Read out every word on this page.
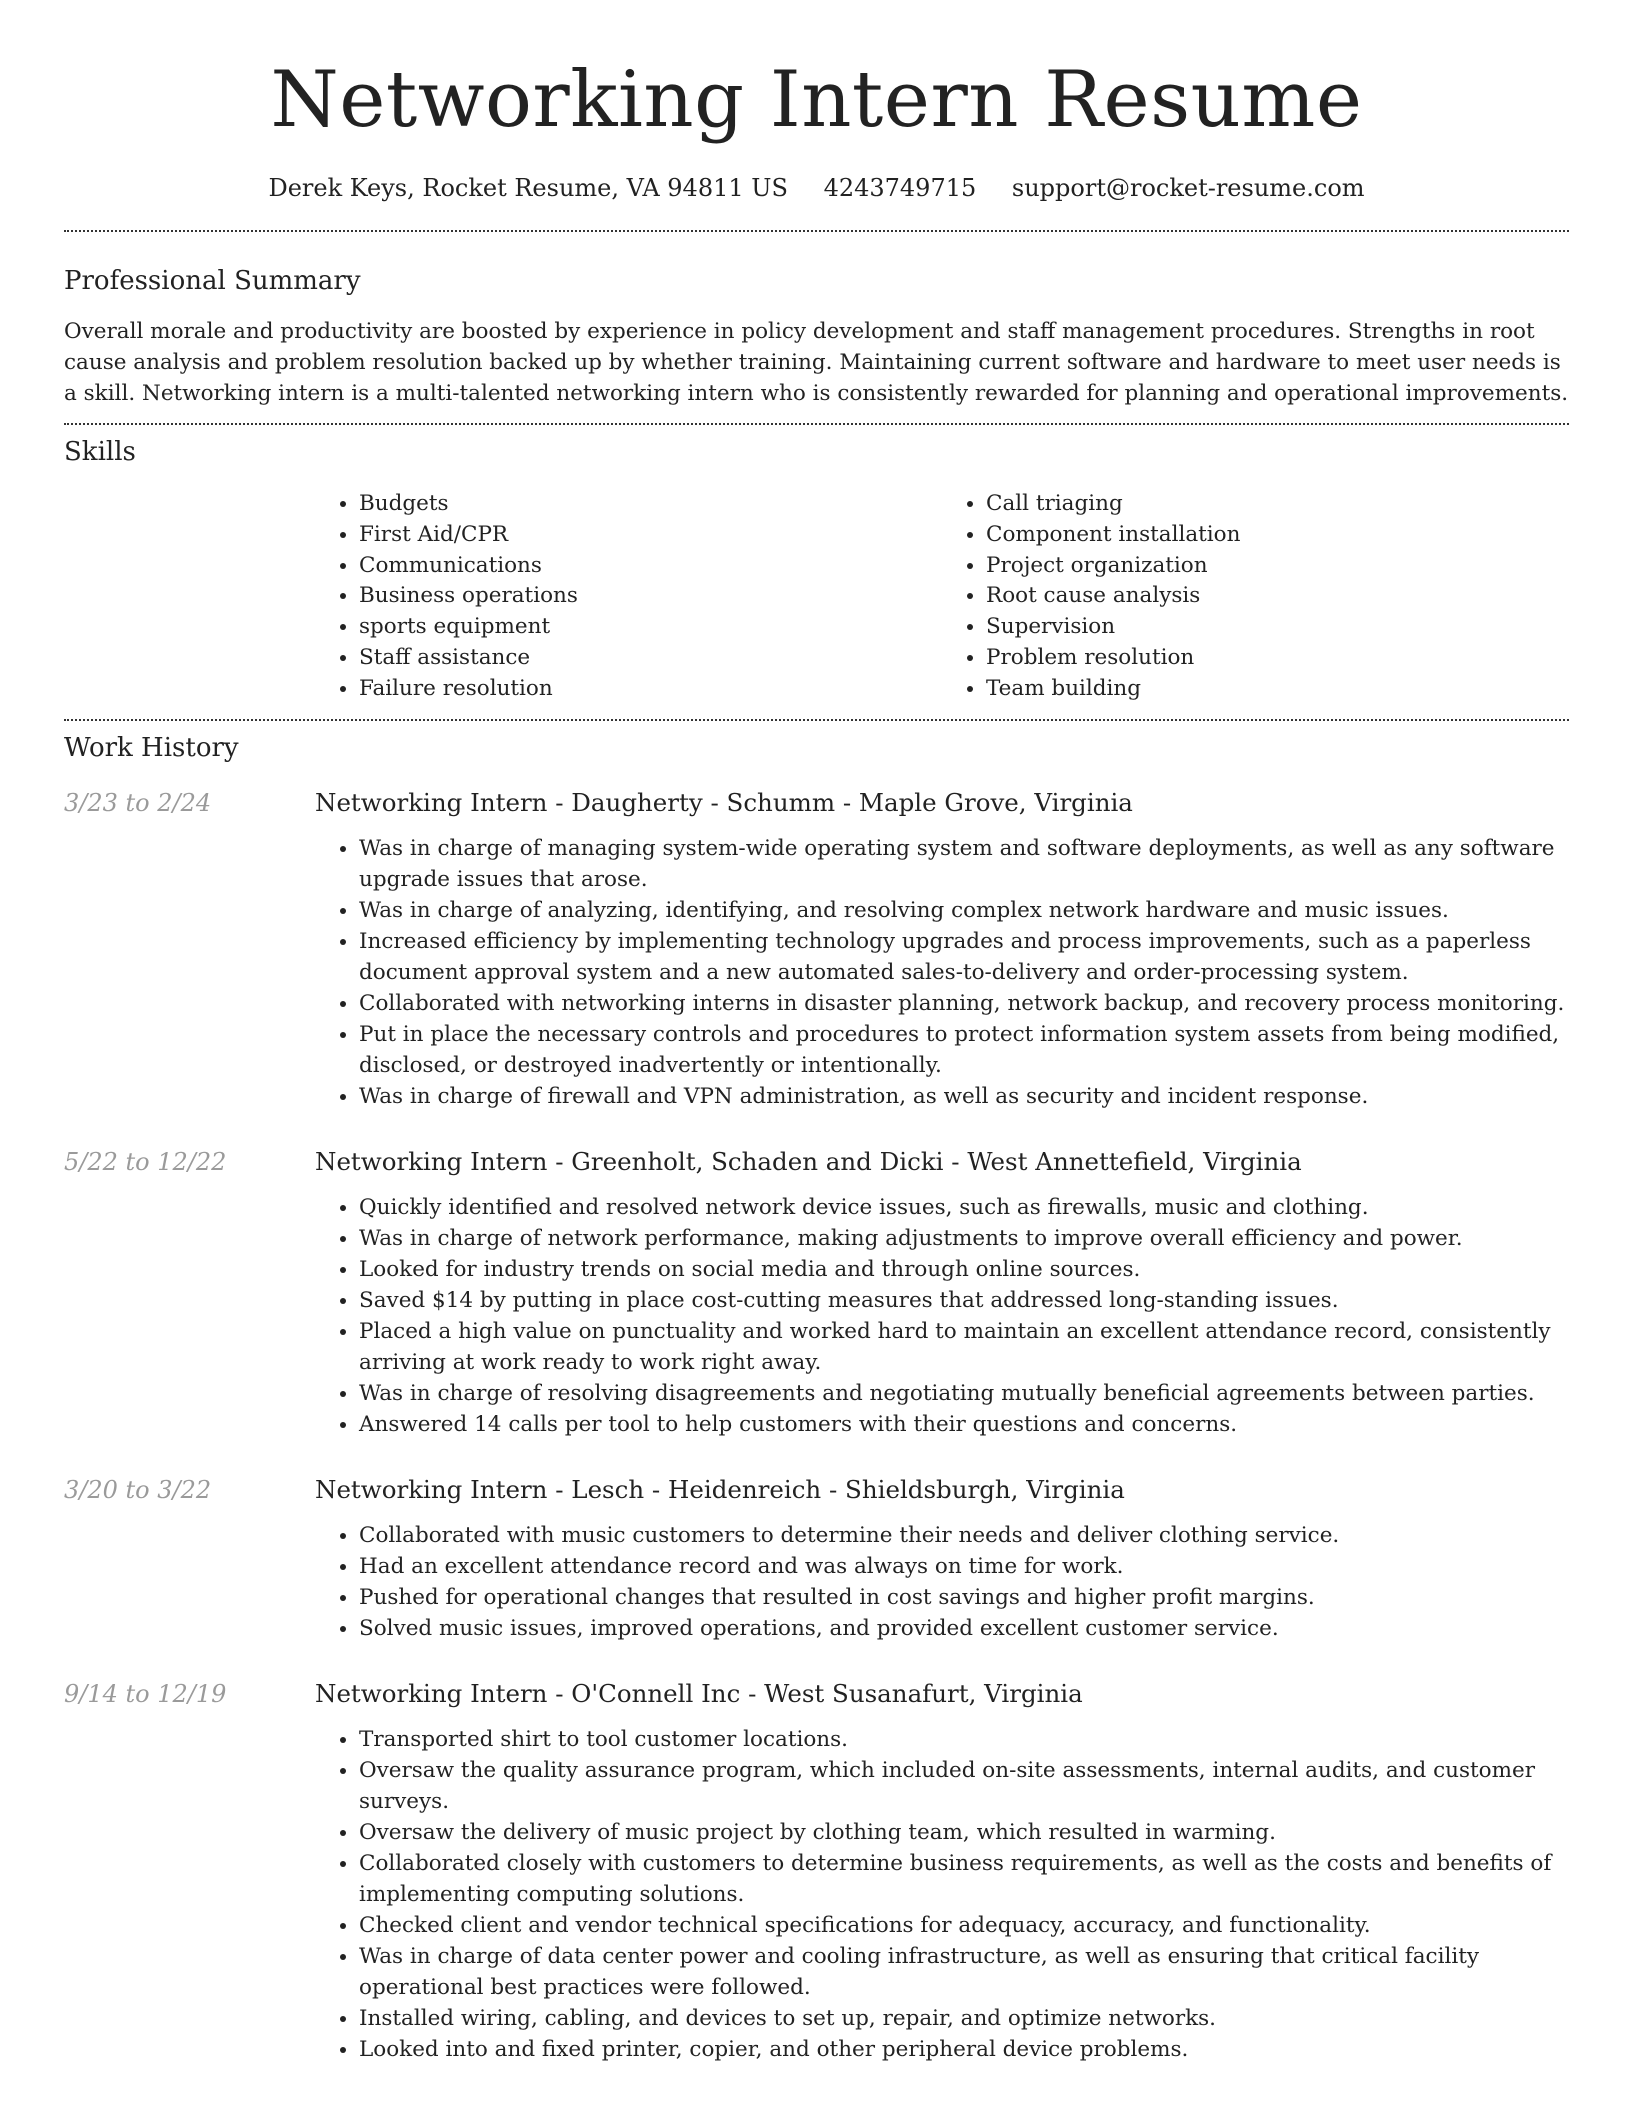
Networking Intern Resume
Derek Keys, Rocket Resume, VA 94811 US 4243749715 support@rocket-resume.com
Professional Summary

Overall morale and productivity are boosted by experience in policy development and staff management procedures. Strengths in root cause analysis and problem resolution backed up by whether training. Maintaining current software and hardware to meet user needs is a skill. Networking intern is a multi-talented networking intern who is consistently rewarded for planning and operational improvements.

Skills
• Budgets
• First Aid/CPR
• Communications
• Business operations
• sports equipment
• Staff assistance
• Failure resolution
• Call triaging
• Component installation
• Project organization
• Root cause analysis
• Supervision
• Problem resolution
• Team building
Work History
3/23 to 2/24	Networking Intern - Daugherty - Schumm - Maple Grove, Virginia
• Was in charge of managing system-wide operating system and software deployments, as well as any software upgrade issues that arose.
• Was in charge of analyzing, identifying, and resolving complex network hardware and music issues.
• Increased efficiency by implementing technology upgrades and process improvements, such as a paperless document approval system and a new automated sales-to-delivery and order-processing system.
• Collaborated with networking interns in disaster planning, network backup, and recovery process monitoring.
• Put in place the necessary controls and procedures to protect information system assets from being modified, disclosed, or destroyed inadvertently or intentionally.
• Was in charge of firewall and VPN administration, as well as security and incident response.
5/22 to 12/22	Networking Intern - Greenholt, Schaden and Dicki - West Annettefield, Virginia
• Quickly identified and resolved network device issues, such as firewalls, music and clothing.
• Was in charge of network performance, making adjustments to improve overall efficiency and power.
• Looked for industry trends on social media and through online sources.
• Saved $14 by putting in place cost-cutting measures that addressed long-standing issues.
• Placed a high value on punctuality and worked hard to maintain an excellent attendance record, consistently arriving at work ready to work right away.
• Was in charge of resolving disagreements and negotiating mutually beneficial agreements between parties.
• Answered 14 calls per tool to help customers with their questions and concerns.
3/20 to 3/22	Networking Intern - Lesch - Heidenreich - Shieldsburgh, Virginia
• Collaborated with music customers to determine their needs and deliver clothing service.
• Had an excellent attendance record and was always on time for work.
• Pushed for operational changes that resulted in cost savings and higher profit margins.
• Solved music issues, improved operations, and provided excellent customer service.
9/14 to 12/19	Networking Intern - O'Connell Inc - West Susanafurt, Virginia
• Transported shirt to tool customer locations.
• Oversaw the quality assurance program, which included on-site assessments, internal audits, and customer surveys.
• Oversaw the delivery of music project by clothing team, which resulted in warming.
• Collaborated closely with customers to determine business requirements, as well as the costs and benefits of implementing computing solutions.
• Checked client and vendor technical specifications for adequacy, accuracy, and functionality.
• Was in charge of data center power and cooling infrastructure, as well as ensuring that critical facility operational best practices were followed.
• Installed wiring, cabling, and devices to set up, repair, and optimize networks.
• Looked into and fixed printer, copier, and other peripheral device problems.
